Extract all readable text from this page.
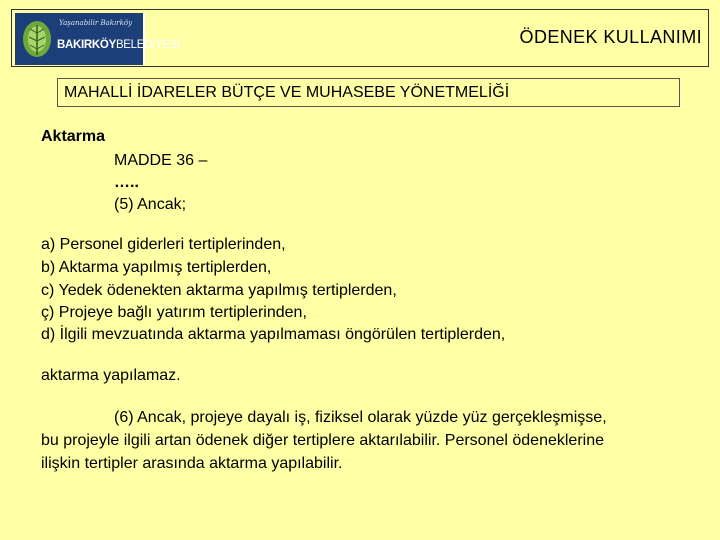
Yaşanabilir Bakırköy
BAKIRKÖYBELEDİYESİ	ÖDENEK KULLANIMI
MAHALLİ İDARELER BÜTÇE VE MUHASEBE YÖNETMELİĞİ
Aktarma
MADDE 36 –
…..
(5) Ancak;
a) Personel giderleri tertiplerinden,
b) Aktarma yapılmış tertiplerden,
c) Yedek ödenekten aktarma yapılmış tertiplerden,
ç) Projeye bağlı yatırım tertiplerinden,
d) İlgili mevzuatında aktarma yapılmaması öngörülen tertiplerden,
aktarma yapılamaz.
(6) Ancak, projeye dayalı iş, fiziksel olarak yüzde yüz gerçekleşmişse,
bu projeyle ilgili artan ödenek diğer tertiplere aktarılabilir. Personel ödeneklerine
ilişkin tertipler arasında aktarma yapılabilir.
